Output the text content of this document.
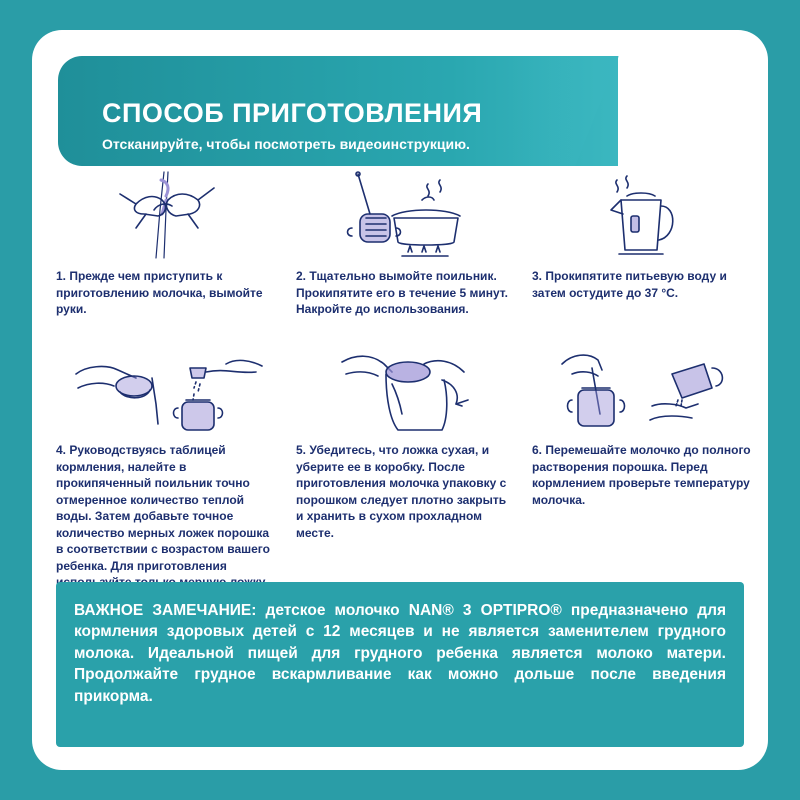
СПОСОБ ПРИГОТОВЛЕНИЯ
Отсканируйте, чтобы посмотреть видеоинструкцию.
1. Прежде чем приступить к приготовлению молочка, вымойте руки.
2. Тщательно вымойте поильник. Прокипятите его в течение 5 минут. Накройте до использования.
3. Прокипятите питьевую воду и затем остудите до 37 °С.
4. Руководствуясь таблицей кормления, налейте в прокипяченный поильник точно отмеренное количество теплой воды. Затем добавьте точное количество мерных ложек порошка в соответствии с возрастом вашего ребенка. Для приготовления
5. Убедитесь, что ложка сухая, и уберите ее в коробку. После приготовления молочка упаковку с порошком следует плотно закрыть и хранить в сухом прохладном месте.
6. Перемешайте молочко до полного растворения порошка. Перед кормлением проверьте температуру молочка.
ВАЖНОЕ ЗАМЕЧАНИЕ: детское молочко NAN® 3 OPTIPRO® предназначено для кормления здоровых детей с 12 месяцев и не является заменителем грудного молока. Идеальной пищей для грудного ребенка является молоко матери. Продолжайте грудное вскармливание как можно дольше после введения прикорма.
